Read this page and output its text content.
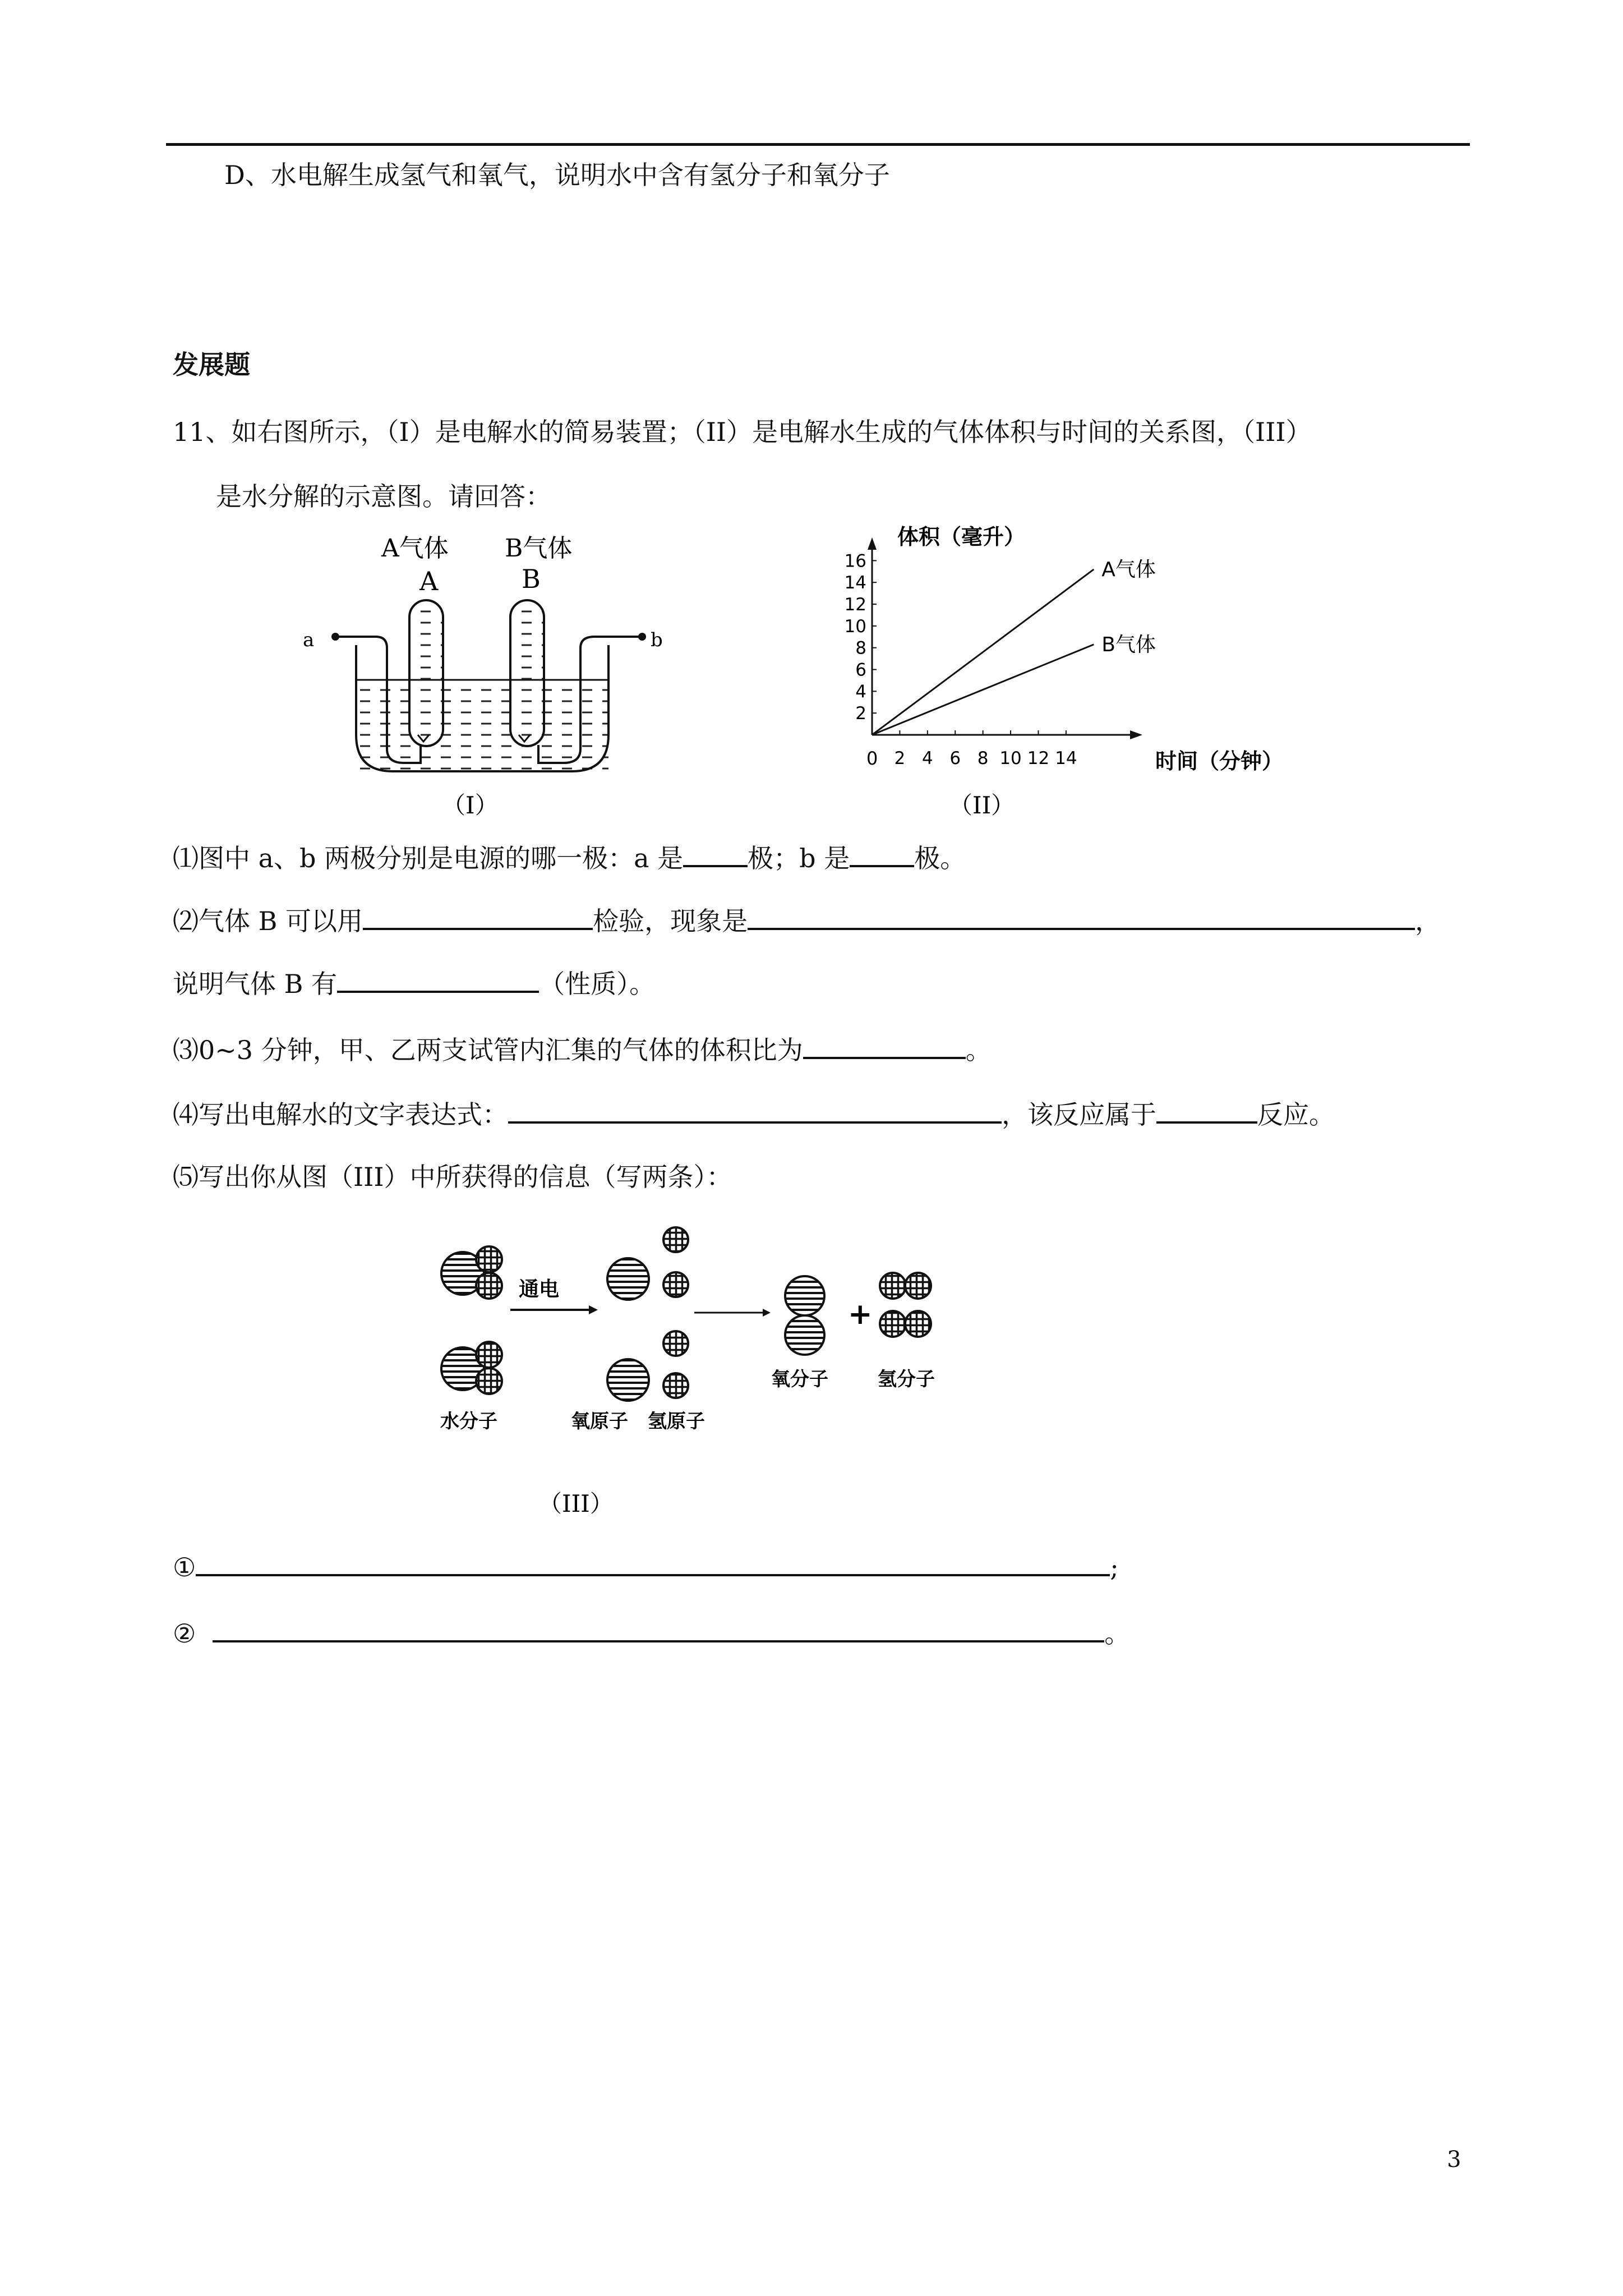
D、水电解生成氢气和氧气，说明水中含有氢分子和氧分子
发展题
11、如右图所示，（I）是电解水的简易装置；（II）是电解水生成的气体体积与时间的关系图，（III）
是水分解的示意图。请回答：
A气体 B气体
A	B
a	b
（I）
体积（毫升）
时间（分钟）
0
（II）
2
4
6
8
10
12
14
16
2 4 6 8 10 12 14
A气体
B气体
⑴图中 a、b 两极分别是电源的哪一极：a 是	极；b 是	极。
⑵气体 B 可以用	检验，现象是	，
说明气体 B 有	（性质）。
⑶0~3 分钟，甲、乙两支试管内汇集的气体的体积比为	。
⑷写出电解水的文字表达式：	，该反应属于	反应。
⑸写出你从图（III）中所获得的信息（写两条）：
通电
+
水分子	氧原子 氢原子
氧分子	氢分子
（III）
①	;
②	。
3
